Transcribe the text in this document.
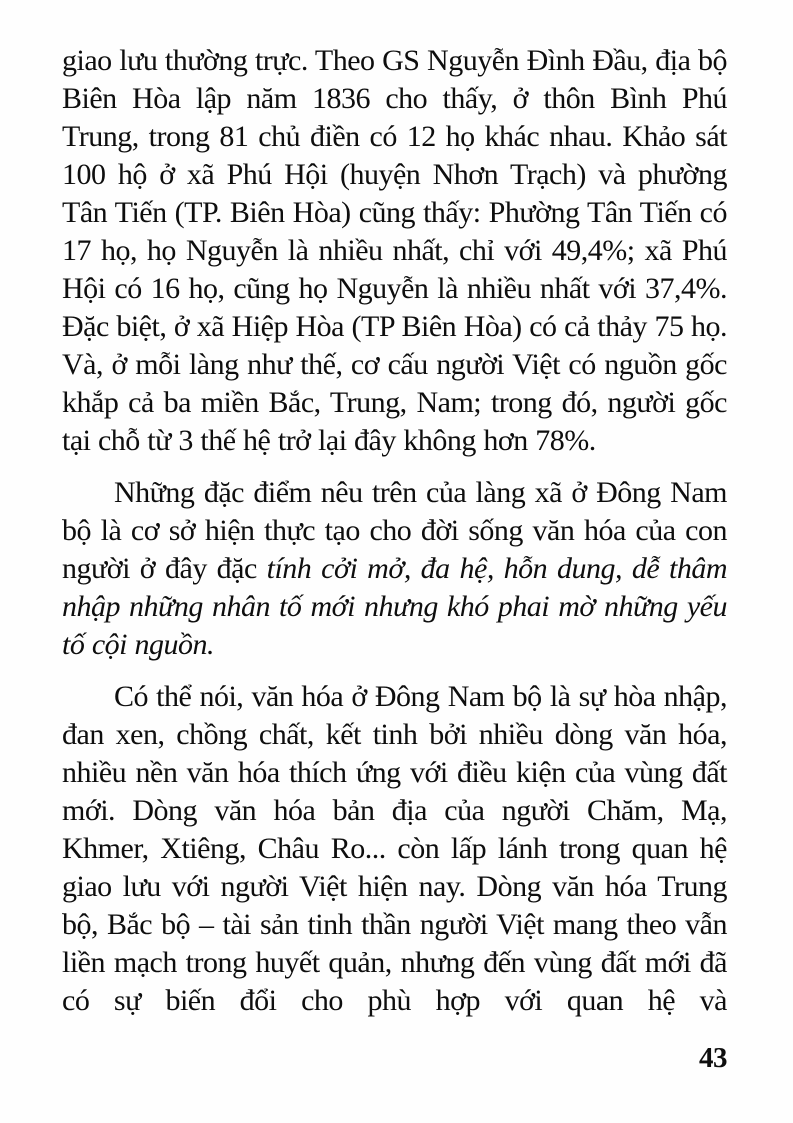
giao lưu thường trực. Theo GS Nguyễn Đình Đầu, địa bộ Biên Hòa lập năm 1836 cho thấy, ở thôn Bình Phú Trung, trong 81 chủ điền có 12 họ khác nhau. Khảo sát 100 hộ ở xã Phú Hội (huyện Nhơn Trạch) và phường Tân Tiến (TP. Biên Hòa) cũng thấy: Phường Tân Tiến có 17 họ, họ Nguyễn là nhiều nhất, chỉ với 49,4%; xã Phú Hội có 16 họ, cũng họ Nguyễn là nhiều nhất với 37,4%. Đặc biệt, ở xã Hiệp Hòa (TP Biên Hòa) có cả thảy 75 họ. Và, ở mỗi làng như thế, cơ cấu người Việt có nguồn gốc khắp cả ba miền Bắc, Trung, Nam; trong đó, người gốc tại chỗ từ 3 thế hệ trở lại đây không hơn 78%.

Những đặc điểm nêu trên của làng xã ở Đông Nam bộ là cơ sở hiện thực tạo cho đời sống văn hóa của con người ở đây đặc tính cởi mở, đa hệ, hỗn dung, dễ thâm nhập những nhân tố mới nhưng khó phai mờ những yếu tố cội nguồn.

Có thể nói, văn hóa ở Đông Nam bộ là sự hòa nhập, đan xen, chồng chất, kết tinh bởi nhiều dòng văn hóa, nhiều nền văn hóa thích ứng với điều kiện của vùng đất mới. Dòng văn hóa bản địa của người Chăm, Mạ, Khmer, Xtiêng, Châu Ro... còn lấp lánh trong quan hệ giao lưu với người Việt hiện nay. Dòng văn hóa Trung bộ, Bắc bộ – tài sản tinh thần người Việt mang theo vẫn liền mạch trong huyết quản, nhưng đến vùng đất mới đã có sự biến đổi cho phù hợp với quan hệ và

43
